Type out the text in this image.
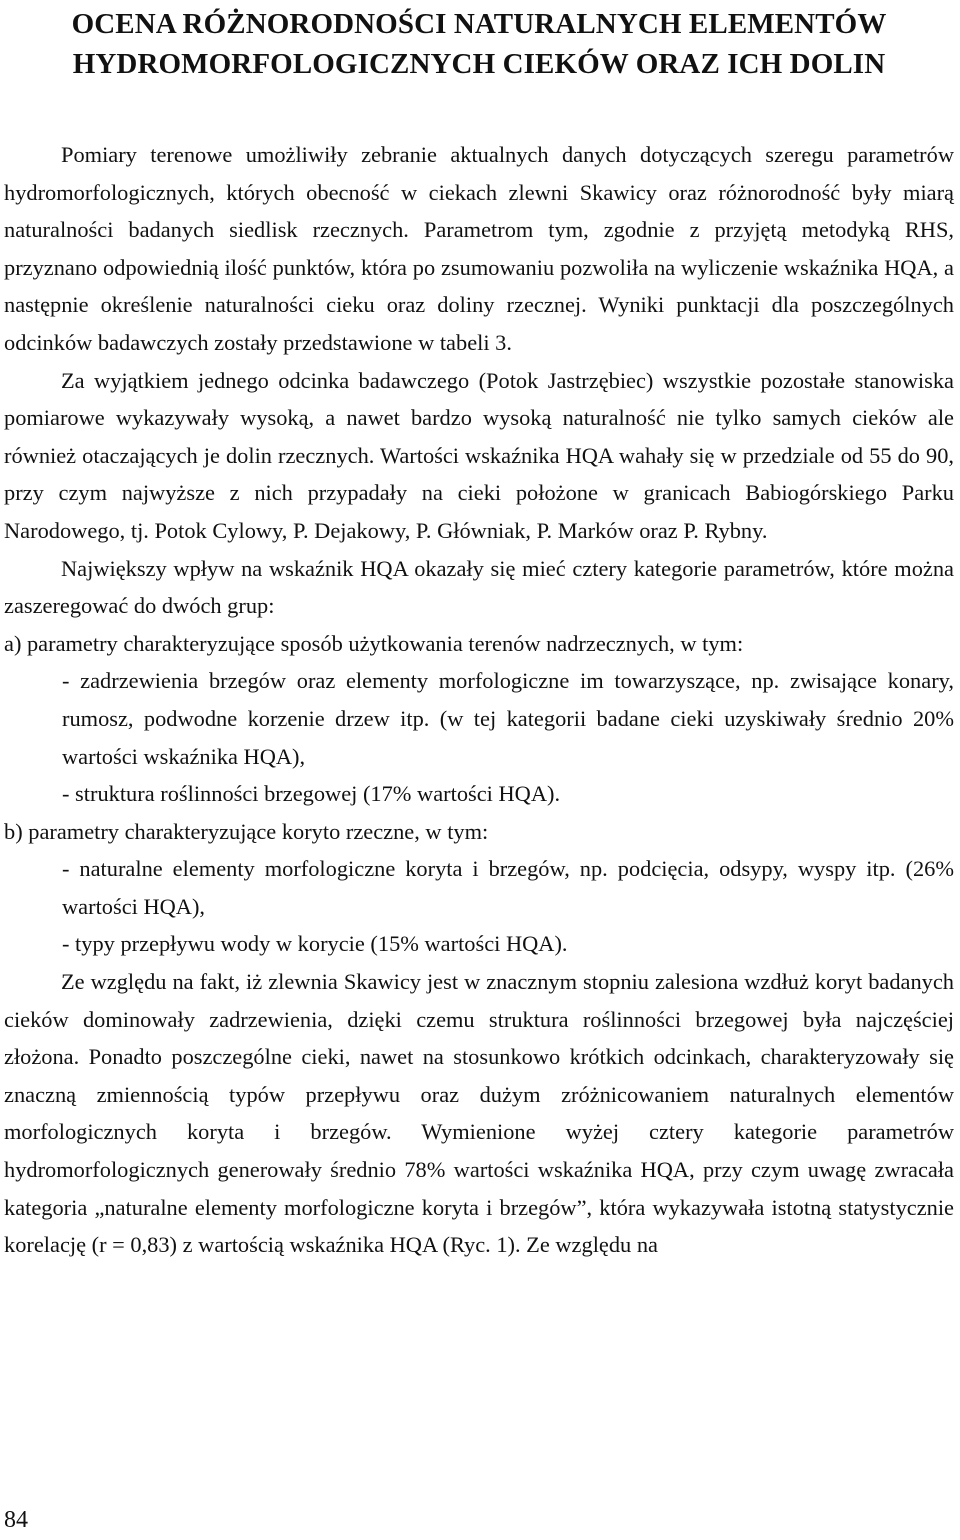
OCENA RÓŻNORODNOŚCI NATURALNYCH ELEMENTÓW
HYDROMORFOLOGICZNYCH CIEKÓW ORAZ ICH DOLIN

Pomiary terenowe umożliwiły zebranie aktualnych danych dotyczących szeregu parametrów hydromorfologicznych, których obecność w ciekach zlewni Skawicy oraz różnorodność były miarą naturalności badanych siedlisk rzecznych. Parametrom tym, zgodnie z przyjętą metodyką RHS, przyznano odpowiednią ilość punktów, która po zsumowaniu pozwoliła na wyliczenie wskaźnika HQA, a następnie określenie naturalności cieku oraz doliny rzecznej. Wyniki punktacji dla poszczególnych odcinków badawczych zostały przedstawione w tabeli 3.

Za wyjątkiem jednego odcinka badawczego (Potok Jastrzębiec) wszystkie pozostałe stanowiska pomiarowe wykazywały wysoką, a nawet bardzo wysoką naturalność nie tylko samych cieków ale również otaczających je dolin rzecznych. Wartości wskaźnika HQA wahały się w przedziale od 55 do 90, przy czym najwyższe z nich przypadały na cieki położone w granicach Babiogórskiego Parku Narodowego, tj. Potok Cylowy, P. Dejakowy, P. Główniak, P. Marków oraz P. Rybny.

Największy wpływ na wskaźnik HQA okazały się mieć cztery kategorie parametrów, które można zaszeregować do dwóch grup:

a) parametry charakteryzujące sposób użytkowania terenów nadrzecznych, w tym:

- zadrzewienia brzegów oraz elementy morfologiczne im towarzyszące, np. zwisające konary, rumosz, podwodne korzenie drzew itp. (w tej kategorii badane cieki uzyskiwały średnio 20% wartości wskaźnika HQA),

- struktura roślinności brzegowej (17% wartości HQA).

b) parametry charakteryzujące koryto rzeczne, w tym:

- naturalne elementy morfologiczne koryta i brzegów, np. podcięcia, odsypy, wyspy itp. (26% wartości HQA),

- typy przepływu wody w korycie (15% wartości HQA).

Ze względu na fakt, iż zlewnia Skawicy jest w znacznym stopniu zalesiona wzdłuż koryt badanych cieków dominowały zadrzewienia, dzięki czemu struktura roślinności brzegowej była najczęściej złożona. Ponadto poszczególne cieki, nawet na stosunkowo krótkich odcinkach, charakteryzowały się znaczną zmiennością typów przepływu oraz dużym zróżnicowaniem naturalnych elementów morfologicznych koryta i brzegów. Wymienione wyżej cztery kategorie parametrów hydromorfologicznych generowały średnio 78% wartości wskaźnika HQA, przy czym uwagę zwracała kategoria „naturalne elementy morfologiczne koryta i brzegów”, która wykazywała istotną statystycznie korelację (r = 0,83) z wartością wskaźnika HQA (Ryc. 1). Ze względu na

84
